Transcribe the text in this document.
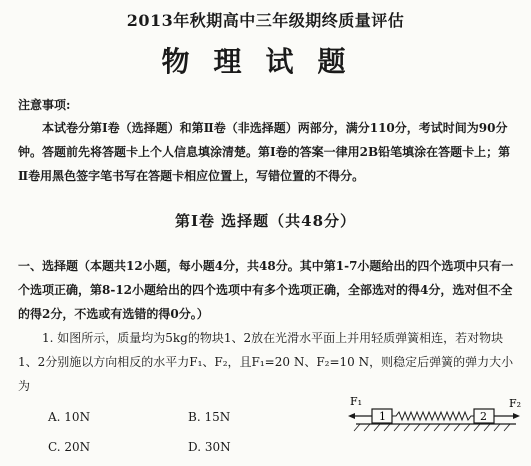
2013年秋期高中三年级期终质量评估
物理试题
注意事项:
本试卷分第Ⅰ卷（选择题）和第Ⅱ卷（非选择题）两部分，满分110分，考试时间为90分钟。答题前先将答题卡上个人信息填涂清楚。第Ⅰ卷的答案一律用2B铅笔填涂在答题卡上；第Ⅱ卷用黑色签字笔书写在答题卡相应位置上，写错位置的不得分。
第Ⅰ卷 选择题（共48分）
一、选择题（本题共12小题，每小题4分，共48分。其中第1-7小题给出的四个选项中只有一个选项正确，第8-12小题给出的四个选项中有多个选项正确，全部选对的得4分，选对但不全的得2分，不选或有选错的得0分。）
1. 如图所示，质量均为5kg的物块1、2放在光滑水平面上并用轻质弹簧相连，若对物块1、2分别施以方向相反的水平力F₁、F₂，且F₁=20 N、F₂=10 N，则稳定后弹簧的弹力大小为
A. 10N	B. 15N
C. 20N	D. 30N
F₁
1	2
F₂
